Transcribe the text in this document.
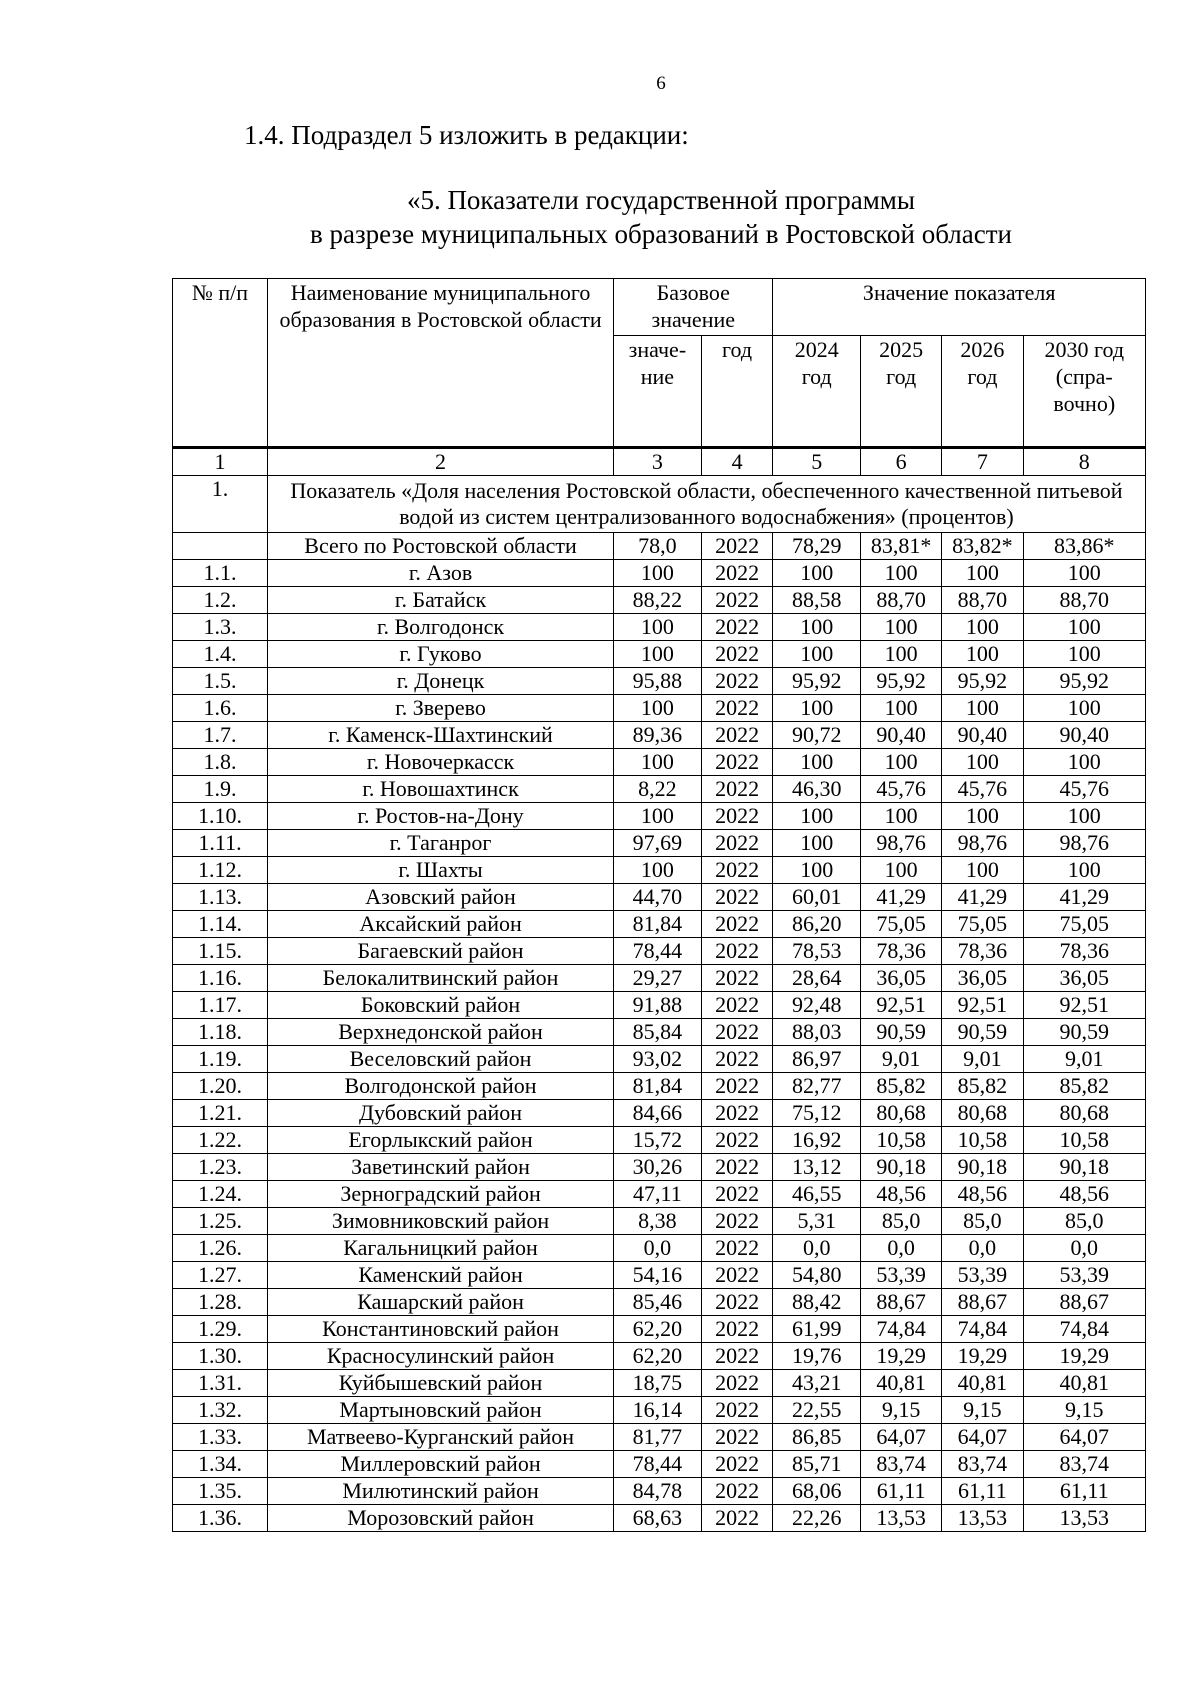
6
1.4. Подраздел 5 изложить в редакции:
«5. Показатели государственной программы
в разрезе муниципальных образований в Ростовской области
№ п/п	Наименование муниципального образования в Ростовской области	Базовое значение		Значение показателя			
		значе-ние	год	2024 год	2025 год	2026 год	2030 год (спра-вочно)
1	2	3	4	5	6	7	8
1.	Показатель «Доля населения Ростовской области, обеспеченного качественной питьевой водой из систем централизованного водоснабжения» (процентов)						
	Всего по Ростовской области	78,0	2022	78,29	83,81*	83,82*	83,86*
1.1.	г. Азов	100	2022	100	100	100	100
1.2.	г. Батайск	88,22	2022	88,58	88,70	88,70	88,70
1.3.	г. Волгодонск	100	2022	100	100	100	100
1.4.	г. Гуково	100	2022	100	100	100	100
1.5.	г. Донецк	95,88	2022	95,92	95,92	95,92	95,92
1.6.	г. Зверево	100	2022	100	100	100	100
1.7.	г. Каменск-Шахтинский	89,36	2022	90,72	90,40	90,40	90,40
1.8.	г. Новочеркасск	100	2022	100	100	100	100
1.9.	г. Новошахтинск	8,22	2022	46,30	45,76	45,76	45,76
1.10.	г. Ростов-на-Дону	100	2022	100	100	100	100
1.11.	г. Таганрог	97,69	2022	100	98,76	98,76	98,76
1.12.	г. Шахты	100	2022	100	100	100	100
1.13.	Азовский район	44,70	2022	60,01	41,29	41,29	41,29
1.14.	Аксайский район	81,84	2022	86,20	75,05	75,05	75,05
1.15.	Багаевский район	78,44	2022	78,53	78,36	78,36	78,36
1.16.	Белокалитвинский район	29,27	2022	28,64	36,05	36,05	36,05
1.17.	Боковский район	91,88	2022	92,48	92,51	92,51	92,51
1.18.	Верхнедонской район	85,84	2022	88,03	90,59	90,59	90,59
1.19.	Веселовский район	93,02	2022	86,97	9,01	9,01	9,01
1.20.	Волгодонской район	81,84	2022	82,77	85,82	85,82	85,82
1.21.	Дубовский район	84,66	2022	75,12	80,68	80,68	80,68
1.22.	Егорлыкский район	15,72	2022	16,92	10,58	10,58	10,58
1.23.	Заветинский район	30,26	2022	13,12	90,18	90,18	90,18
1.24.	Зерноградский район	47,11	2022	46,55	48,56	48,56	48,56
1.25.	Зимовниковский район	8,38	2022	5,31	85,0	85,0	85,0
1.26.	Кагальницкий район	0,0	2022	0,0	0,0	0,0	0,0
1.27.	Каменский район	54,16	2022	54,80	53,39	53,39	53,39
1.28.	Кашарский район	85,46	2022	88,42	88,67	88,67	88,67
1.29.	Константиновский район	62,20	2022	61,99	74,84	74,84	74,84
1.30.	Красносулинский район	62,20	2022	19,76	19,29	19,29	19,29
1.31.	Куйбышевский район	18,75	2022	43,21	40,81	40,81	40,81
1.32.	Мартыновский район	16,14	2022	22,55	9,15	9,15	9,15
1.33.	Матвеево-Курганский район	81,77	2022	86,85	64,07	64,07	64,07
1.34.	Миллеровский район	78,44	2022	85,71	83,74	83,74	83,74
1.35.	Милютинский район	84,78	2022	68,06	61,11	61,11	61,11
1.36.	Морозовский район	68,63	2022	22,26	13,53	13,53	13,53
